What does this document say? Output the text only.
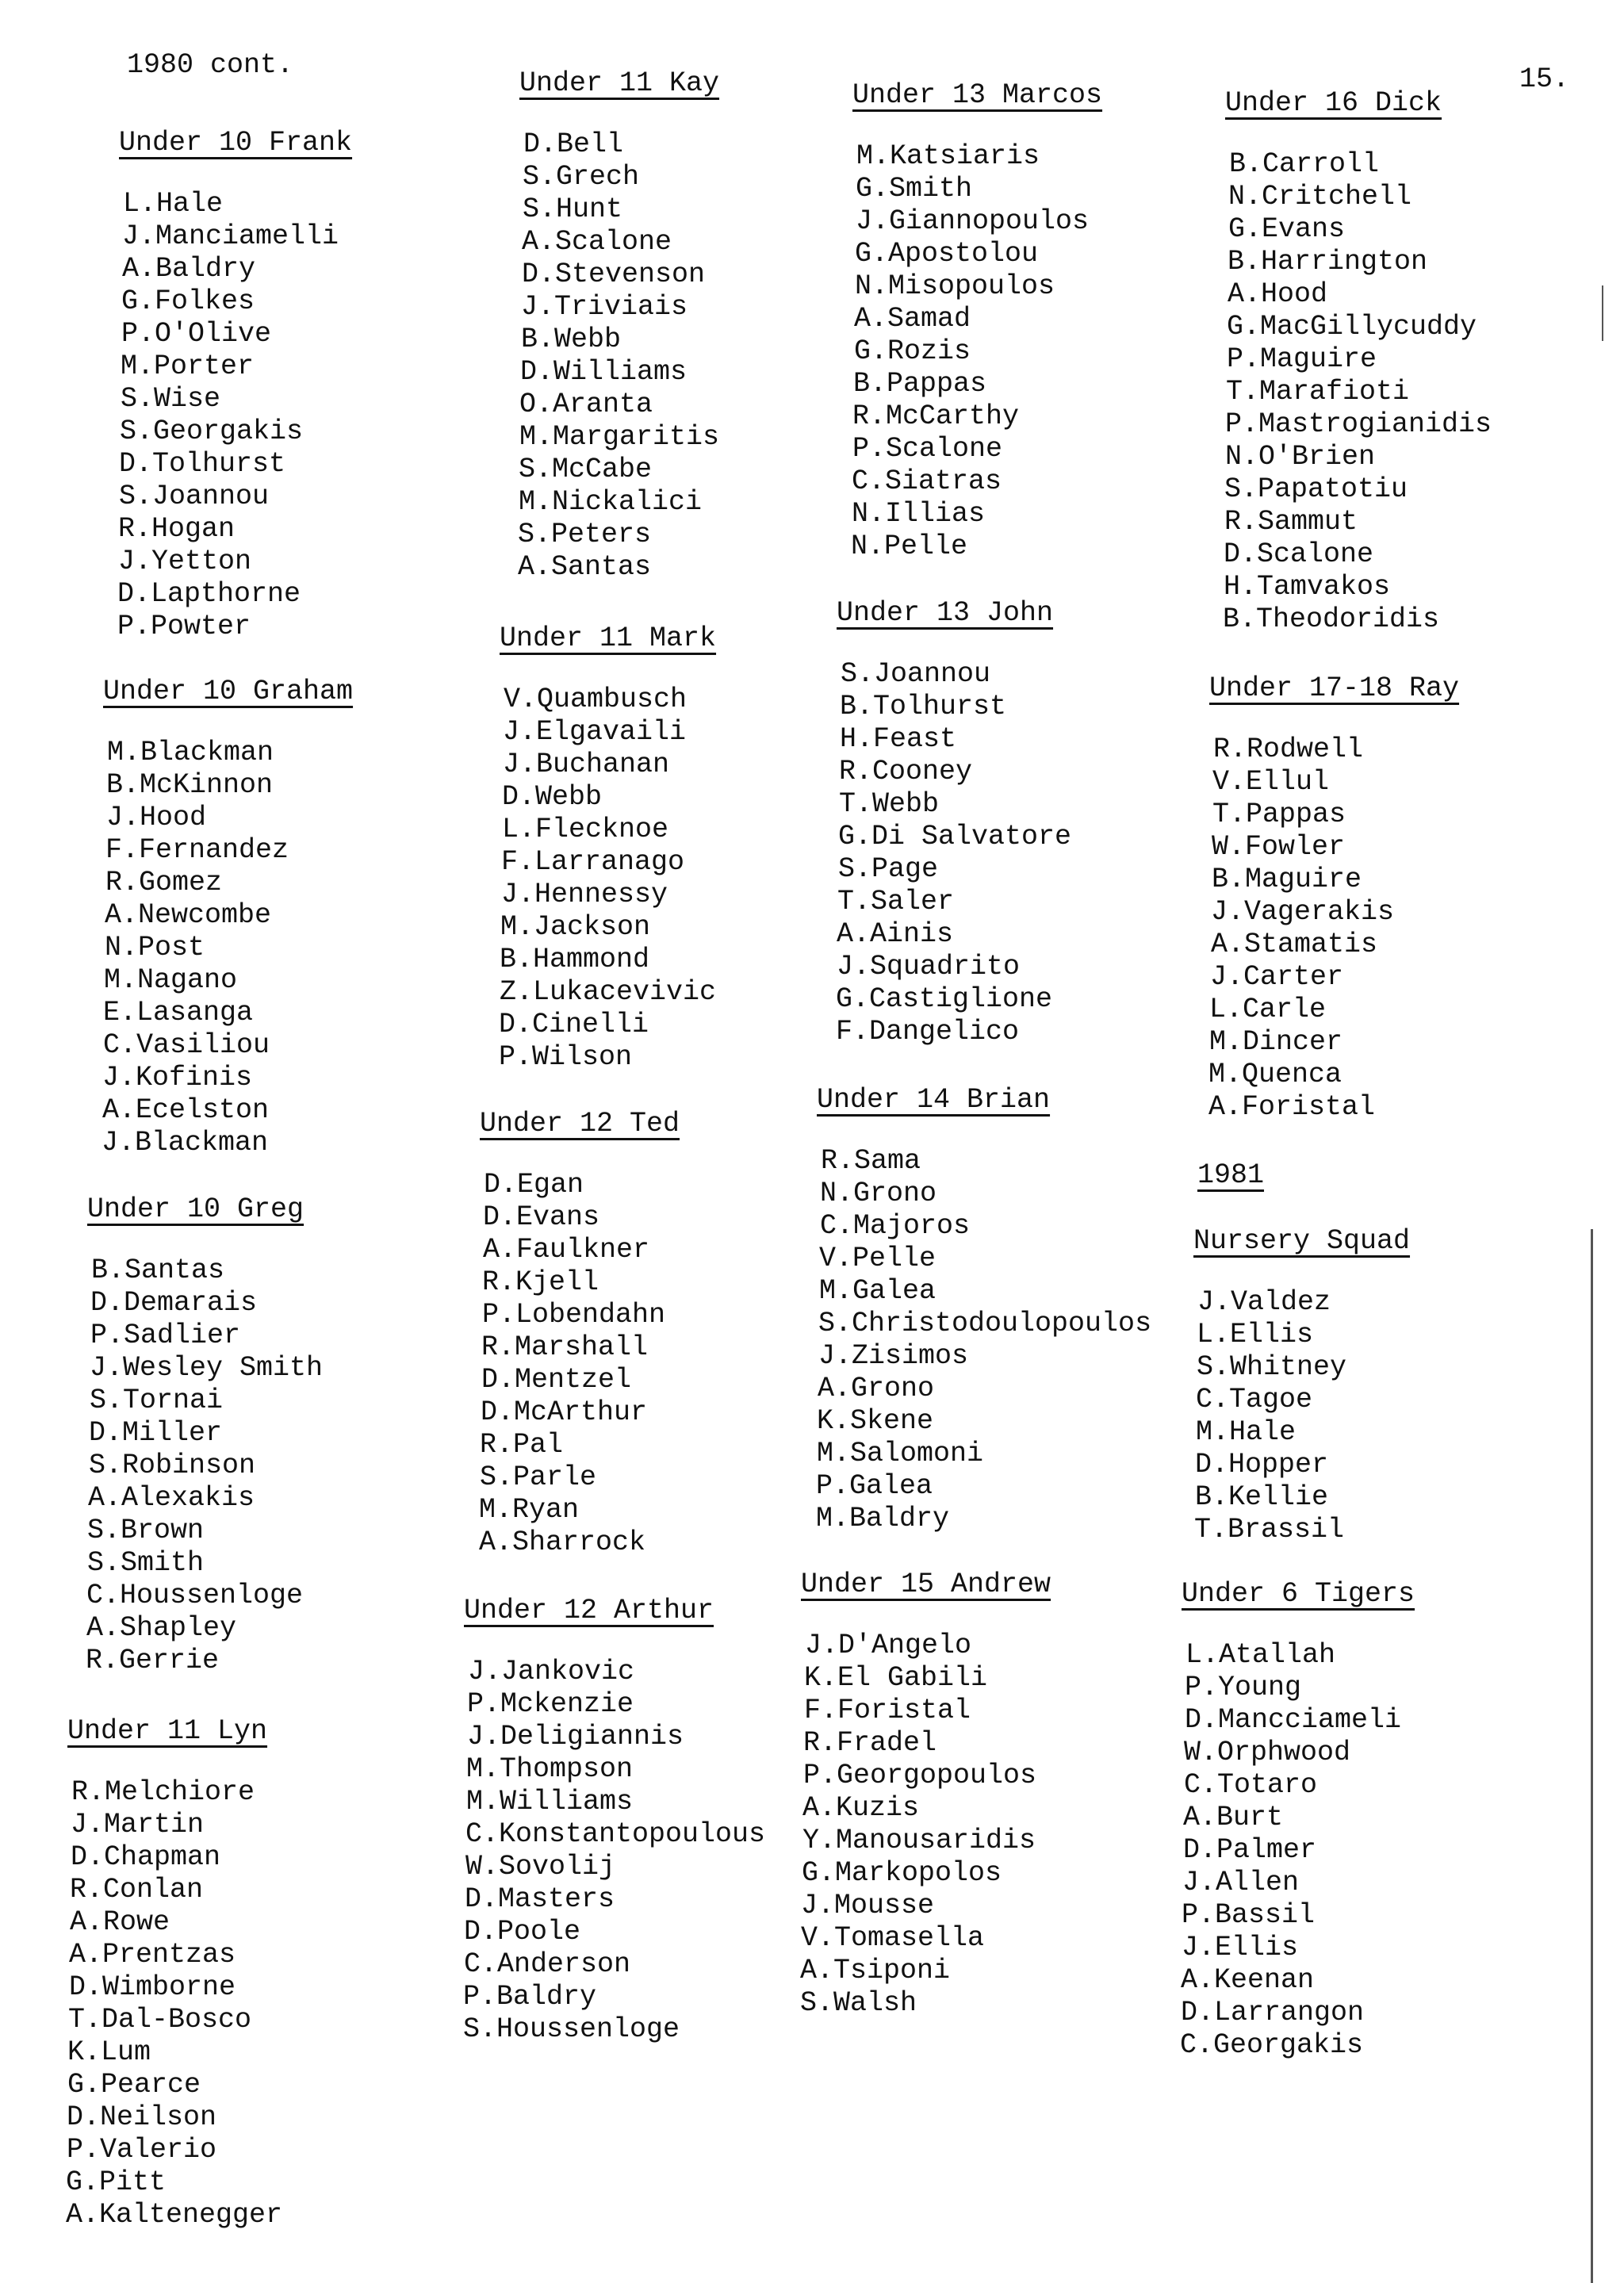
1980 cont.	15.
1981
Under 10 Frank
L.Hale
J.Manciamelli
A.Baldry
G.Folkes
P.O'Olive
M.Porter
S.Wise
S.Georgakis
D.Tolhurst
S.Joannou
R.Hogan
J.Yetton
D.Lapthorne
P.Powter
Under 10 Graham
M.Blackman
B.McKinnon
J.Hood
F.Fernandez
R.Gomez
A.Newcombe
N.Post
M.Nagano
E.Lasanga
C.Vasiliou
J.Kofinis
A.Ecelston
J.Blackman
Under 10 Greg
B.Santas
D.Demarais
P.Sadlier
J.Wesley Smith
S.Tornai
D.Miller
S.Robinson
A.Alexakis
S.Brown
S.Smith
C.Houssenloge
A.Shapley
R.Gerrie
Under 11 Lyn
R.Melchiore
J.Martin
D.Chapman
R.Conlan
A.Rowe
A.Prentzas
D.Wimborne
T.Dal-Bosco
K.Lum
G.Pearce
D.Neilson
P.Valerio
G.Pitt
A.Kaltenegger
Under 11 Kay
D.Bell
S.Grech
S.Hunt
A.Scalone
D.Stevenson
J.Triviais
B.Webb
D.Williams
O.Aranta
M.Margaritis
S.McCabe
M.Nickalici
S.Peters
A.Santas
Under 11 Mark
V.Quambusch
J.Elgavaili
J.Buchanan
D.Webb
L.Flecknoe
F.Larranago
J.Hennessy
M.Jackson
B.Hammond
Z.Lukacevivic
D.Cinelli
P.Wilson
Under 12 Ted
D.Egan
D.Evans
A.Faulkner
R.Kjell
P.Lobendahn
R.Marshall
D.Mentzel
D.McArthur
R.Pal
S.Parle
M.Ryan
A.Sharrock
Under 12 Arthur
J.Jankovic
P.Mckenzie
J.Deligiannis
M.Thompson
M.Williams
C.Konstantopoulous
W.Sovolij
D.Masters
D.Poole
C.Anderson
P.Baldry
S.Houssenloge
Under 13 Marcos
M.Katsiaris
G.Smith
J.Giannopoulos
G.Apostolou
N.Misopoulos
A.Samad
G.Rozis
B.Pappas
R.McCarthy
P.Scalone
C.Siatras
N.Illias
N.Pelle
Under 13 John
S.Joannou
B.Tolhurst
H.Feast
R.Cooney
T.Webb
G.Di Salvatore
S.Page
T.Saler
A.Ainis
J.Squadrito
G.Castiglione
F.Dangelico
Under 14 Brian
R.Sama
N.Grono
C.Majoros
V.Pelle
M.Galea
S.Christodoulopoulos
J.Zisimos
A.Grono
K.Skene
M.Salomoni
P.Galea
M.Baldry
Under 15 Andrew
J.D'Angelo
K.El Gabili
F.Foristal
R.Fradel
P.Georgopoulos
A.Kuzis
Y.Manousaridis
G.Markopolos
J.Mousse
V.Tomasella
A.Tsiponi
S.Walsh
Under 16 Dick
B.Carroll
N.Critchell
G.Evans
B.Harrington
A.Hood
G.MacGillycuddy
P.Maguire
T.Marafioti
P.Mastrogianidis
N.O'Brien
S.Papatotiu
R.Sammut
D.Scalone
H.Tamvakos
B.Theodoridis
Under 17-18 Ray
R.Rodwell
V.Ellul
T.Pappas
W.Fowler
B.Maguire
J.Vagerakis
A.Stamatis
J.Carter
L.Carle
M.Dincer
M.Quenca
A.Foristal
Nursery Squad
J.Valdez
L.Ellis
S.Whitney
C.Tagoe
M.Hale
D.Hopper
B.Kellie
T.Brassil
Under 6 Tigers
L.Atallah
P.Young
D.Mancciameli
W.Orphwood
C.Totaro
A.Burt
D.Palmer
J.Allen
P.Bassil
J.Ellis
A.Keenan
D.Larrangon
C.Georgakis
